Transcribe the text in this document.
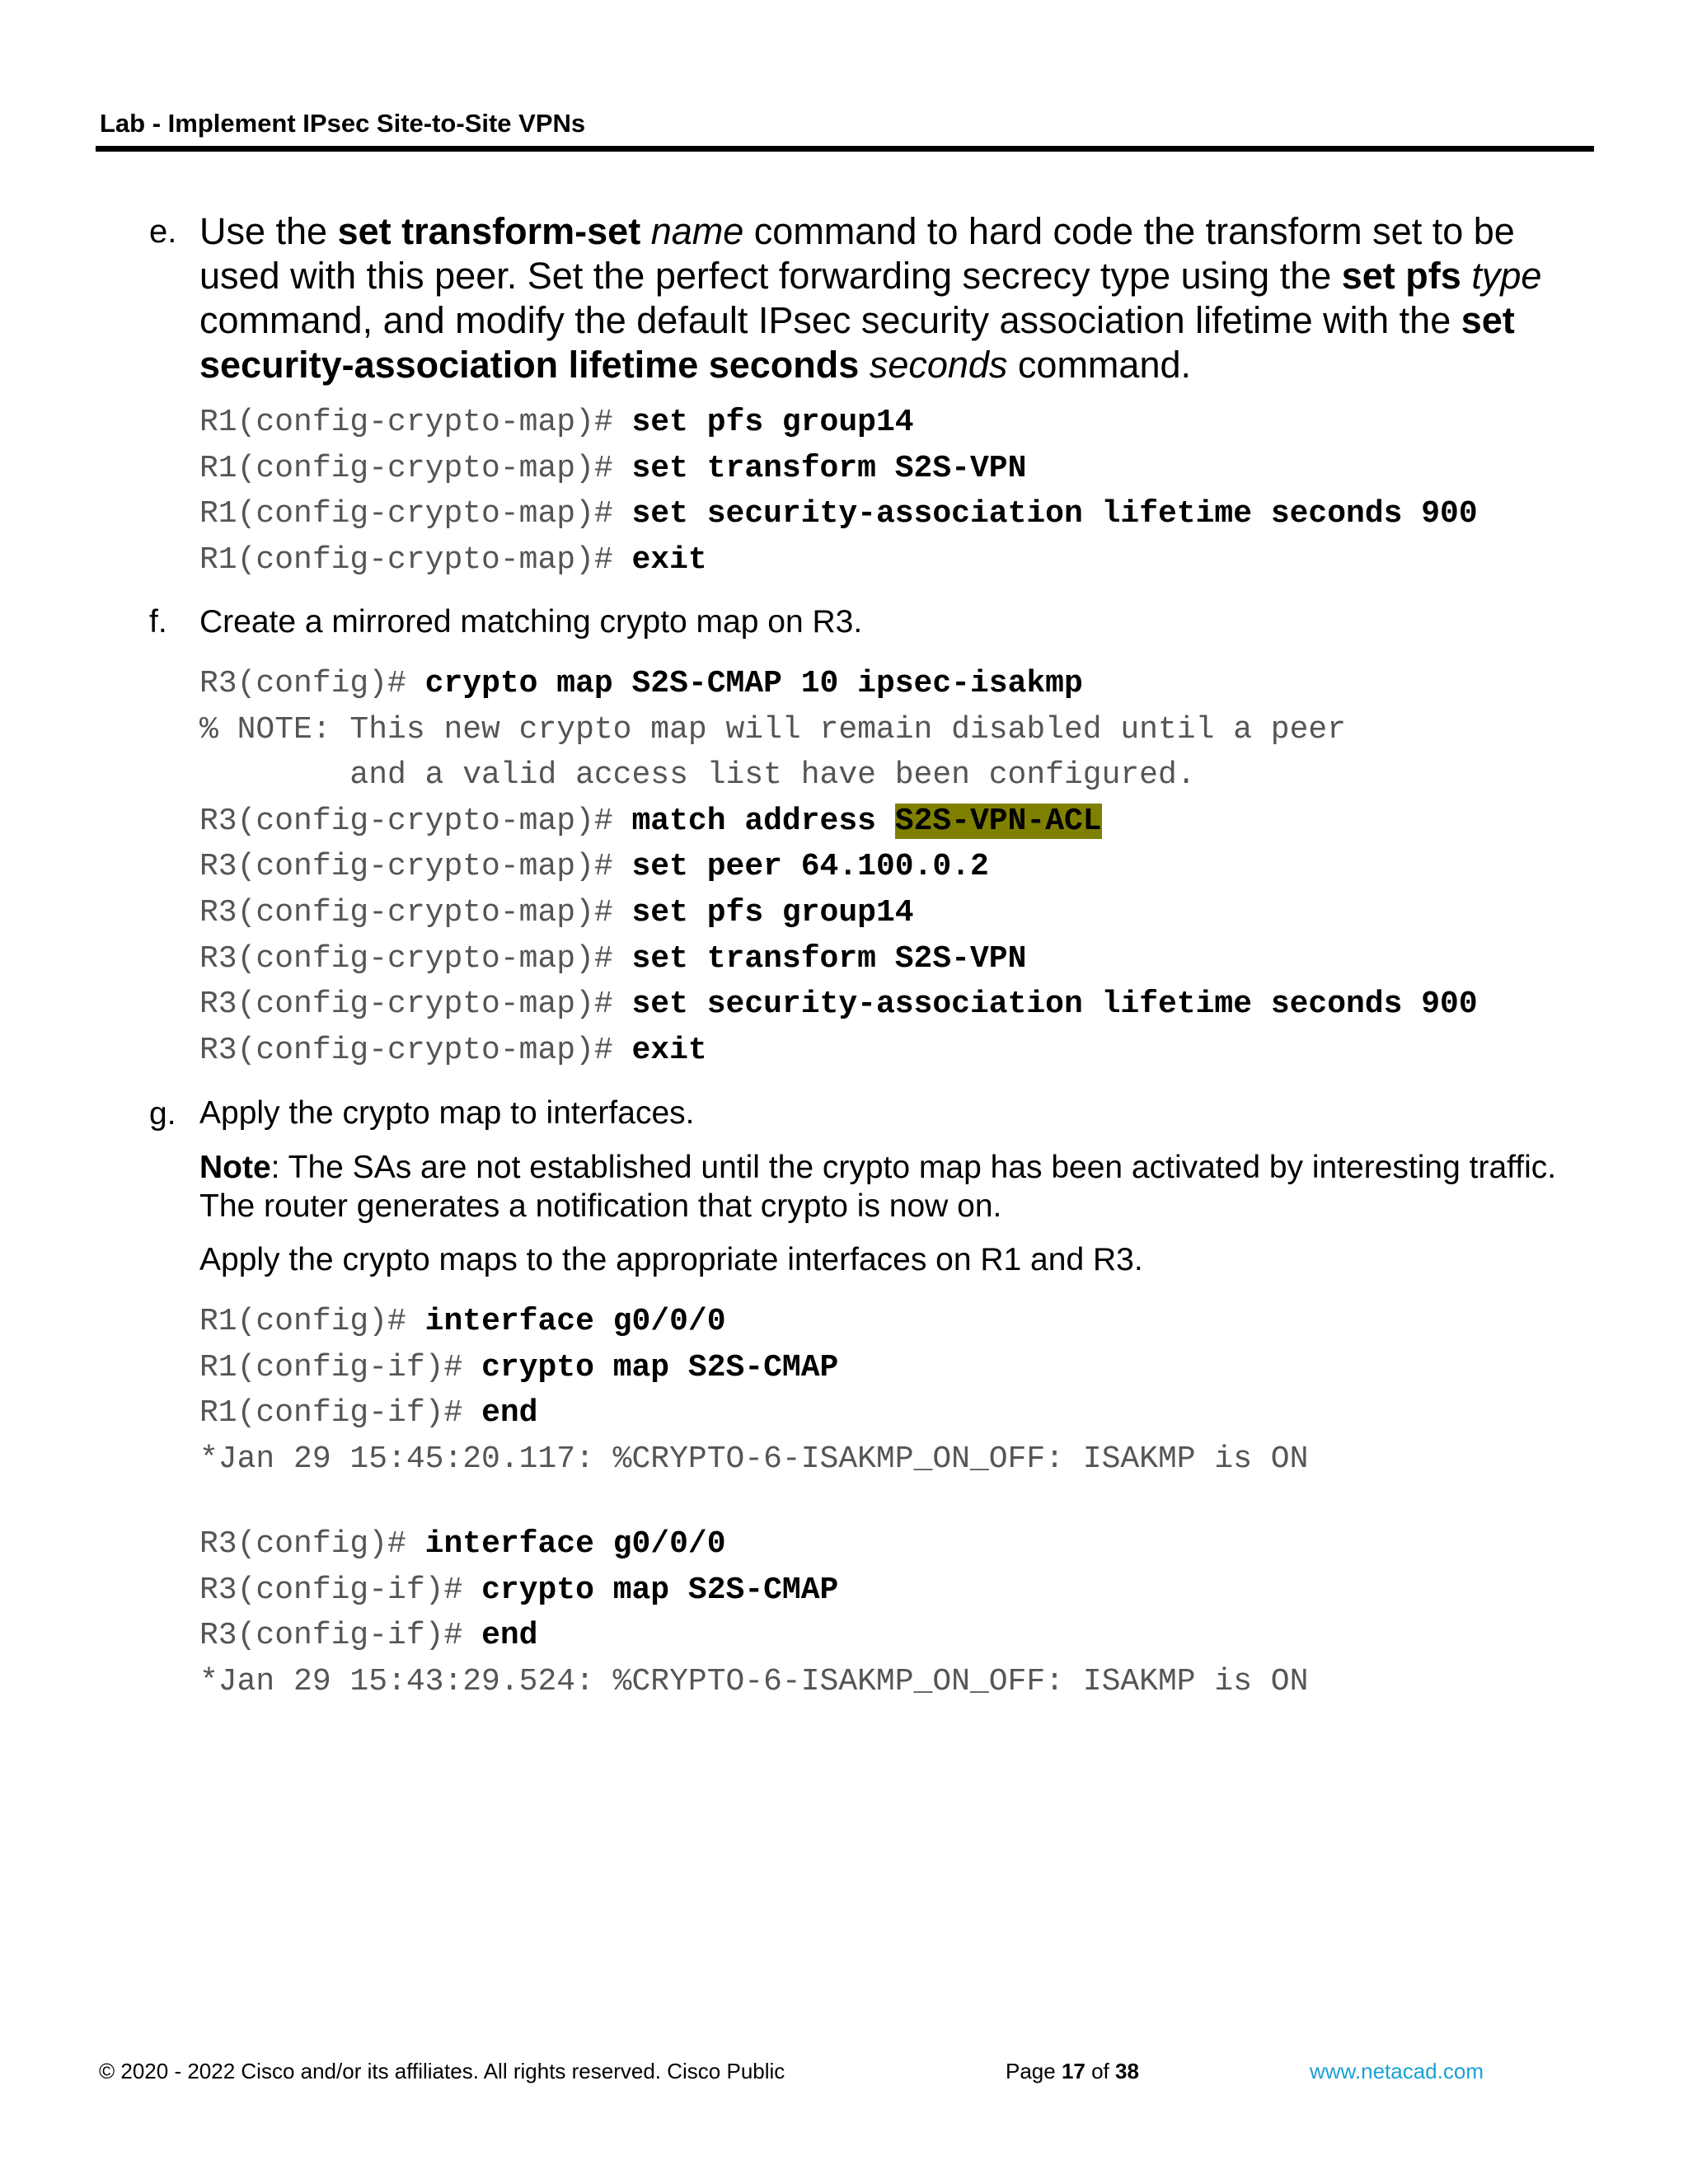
Lab - Implement IPsec Site-to-Site VPNs
e. Use the set transform-set name command to hard code the transform set to be used with this peer. Set the perfect forwarding secrecy type using the set pfs type command, and modify the default IPsec security association lifetime with the set security-association lifetime seconds seconds command.
R1(config-crypto-map)# set pfs group14
R1(config-crypto-map)# set transform S2S-VPN
R1(config-crypto-map)# set security-association lifetime seconds 900
R1(config-crypto-map)# exit
f. Create a mirrored matching crypto map on R3.
R3(config)# crypto map S2S-CMAP 10 ipsec-isakmp
% NOTE: This new crypto map will remain disabled until a peer
and a valid access list have been configured.
R3(config-crypto-map)# match address S2S-VPN-ACL
R3(config-crypto-map)# set peer 64.100.0.2
R3(config-crypto-map)# set pfs group14
R3(config-crypto-map)# set transform S2S-VPN
R3(config-crypto-map)# set security-association lifetime seconds 900
R3(config-crypto-map)# exit
g. Apply the crypto map to interfaces.
Note: The SAs are not established until the crypto map has been activated by interesting traffic. The router generates a notification that crypto is now on.
Apply the crypto maps to the appropriate interfaces on R1 and R3.
R1(config)# interface g0/0/0
R1(config-if)# crypto map S2S-CMAP
R1(config-if)# end
*Jan 29 15:45:20.117: %CRYPTO-6-ISAKMP_ON_OFF: ISAKMP is ON
R3(config)# interface g0/0/0
R3(config-if)# crypto map S2S-CMAP
R3(config-if)# end
*Jan 29 15:43:29.524: %CRYPTO-6-ISAKMP_ON_OFF: ISAKMP is ON
© 2020 - 2022 Cisco and/or its affiliates. All rights reserved. Cisco Public	Page 17 of 38	www.netacad.com
